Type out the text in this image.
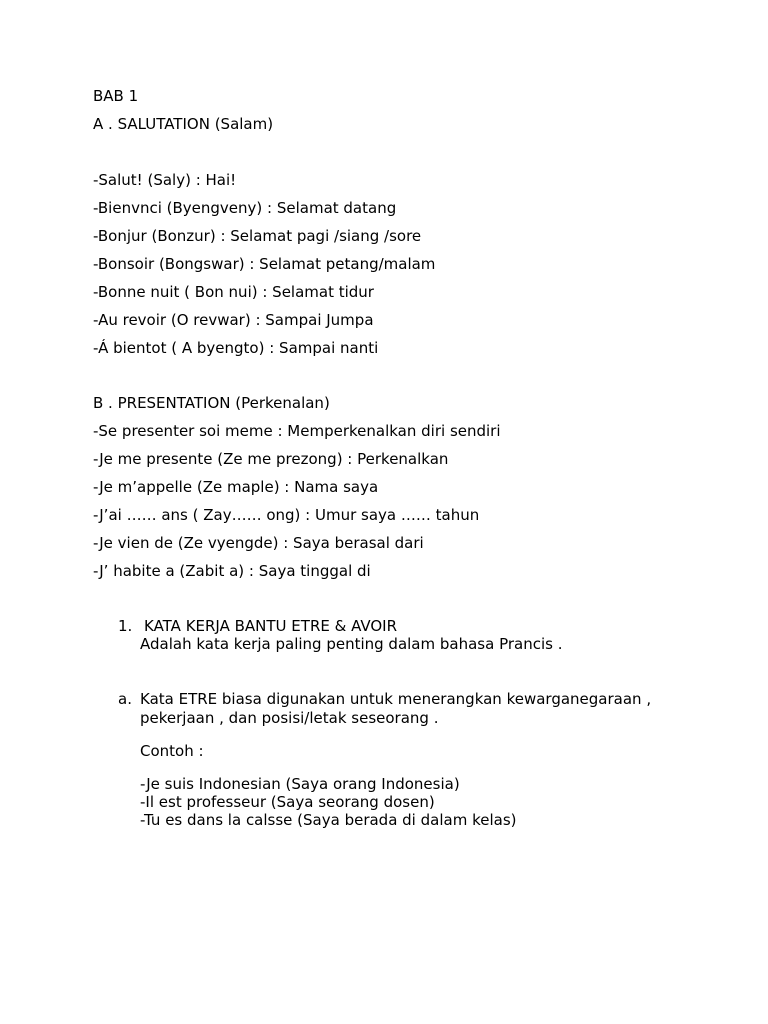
BAB 1
A . SALUTATION (Salam)
-Salut! (Saly) : Hai!
-Bienvnci (Byengveny) : Selamat datang
-Bonjur (Bonzur) : Selamat pagi /siang /sore
-Bonsoir (Bongswar) : Selamat petang/malam
-Bonne nuit ( Bon nui) : Selamat tidur
-Au revoir (O revwar) : Sampai Jumpa
-Á bientot ( A byengto) : Sampai nanti
B . PRESENTATION (Perkenalan)
-Se presenter soi meme : Memperkenalkan diri sendiri
-Je me presente (Ze me prezong) : Perkenalkan
-Je m’appelle (Ze maple) : Nama saya
-J’ai …… ans ( Zay…… ong) : Umur saya …… tahun
-Je vien de (Ze vyengde) : Saya berasal dari
-J’ habite a (Zabit a) : Saya tinggal di
1. KATA KERJA BANTU ETRE & AVOIR
Adalah kata kerja paling penting dalam bahasa Prancis .
a. Kata ETRE biasa digunakan untuk menerangkan kewarganegaraan ,
pekerjaan , dan posisi/letak seseorang .
Contoh :
-Je suis Indonesian (Saya orang Indonesia)
-Il est professeur (Saya seorang dosen)
-Tu es dans la calsse (Saya berada di dalam kelas)
